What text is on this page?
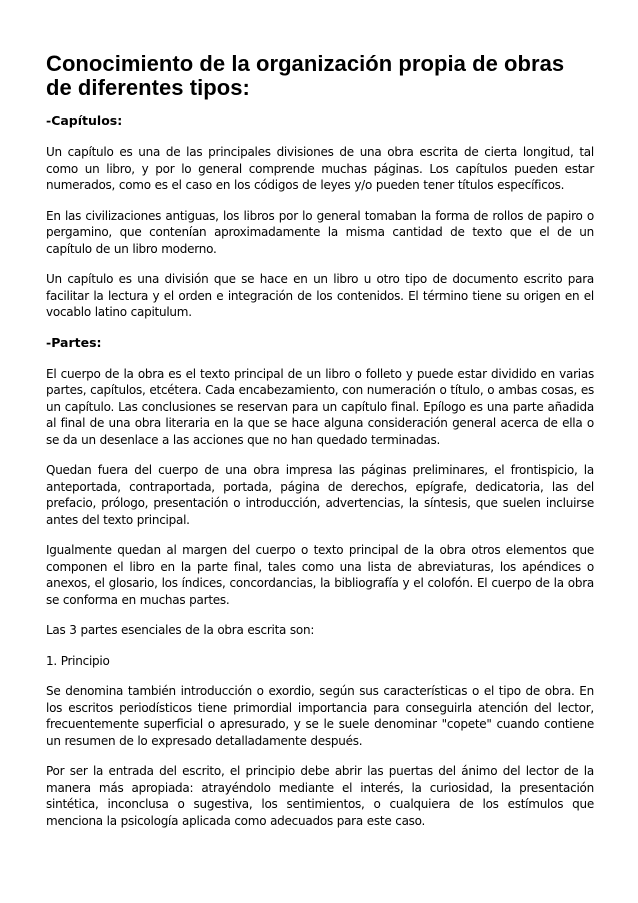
Conocimiento de la organización propia de obras de diferentes tipos:

-Capítulos:

Un capítulo es una de las principales divisiones de una obra escrita de cierta longitud, tal como un libro, y por lo general comprende muchas páginas. Los capítulos pueden estar numerados, como es el caso en los códigos de leyes y/o pueden tener títulos específicos.

En las civilizaciones antiguas, los libros por lo general tomaban la forma de rollos de papiro o pergamino, que contenían aproximadamente la misma cantidad de texto que el de un capítulo de un libro moderno.

Un capítulo es una división que se hace en un libro u otro tipo de documento escrito para facilitar la lectura y el orden e integración de los contenidos. El término tiene su origen en el vocablo latino capitulum.

-Partes:

El cuerpo de la obra es el texto principal de un libro o folleto y puede estar dividido en varias partes, capítulos, etcétera. Cada encabezamiento, con numeración o título, o ambas cosas, es un capítulo. Las conclusiones se reservan para un capítulo final. Epílogo es una parte añadida al final de una obra literaria en la que se hace alguna consideración general acerca de ella o se da un desenlace a las acciones que no han quedado terminadas.

Quedan fuera del cuerpo de una obra impresa las páginas preliminares, el frontispicio, la anteportada, contraportada, portada, página de derechos, epígrafe, dedicatoria, las del prefacio, prólogo, presentación o introducción, advertencias, la síntesis, que suelen incluirse antes del texto principal.

Igualmente quedan al margen del cuerpo o texto principal de la obra otros elementos que componen el libro en la parte final, tales como una lista de abreviaturas, los apéndices o anexos, el glosario, los índices, concordancias, la bibliografía y el colofón. El cuerpo de la obra se conforma en muchas partes.

Las 3 partes esenciales de la obra escrita son:

1. Principio

Se denomina también introducción o exordio, según sus características o el tipo de obra. En los escritos periodísticos tiene primordial importancia para conseguirla atención del lector, frecuentemente superficial o apresurado, y se le suele denominar "copete" cuando contiene un resumen de lo expresado detalladamente después.

Por ser la entrada del escrito, el principio debe abrir las puertas del ánimo del lector de la manera más apropiada: atrayéndolo mediante el interés, la curiosidad, la presentación sintética, inconclusa o sugestiva, los sentimientos, o cualquiera de los estímulos que menciona la psicología aplicada como adecuados para este caso.
